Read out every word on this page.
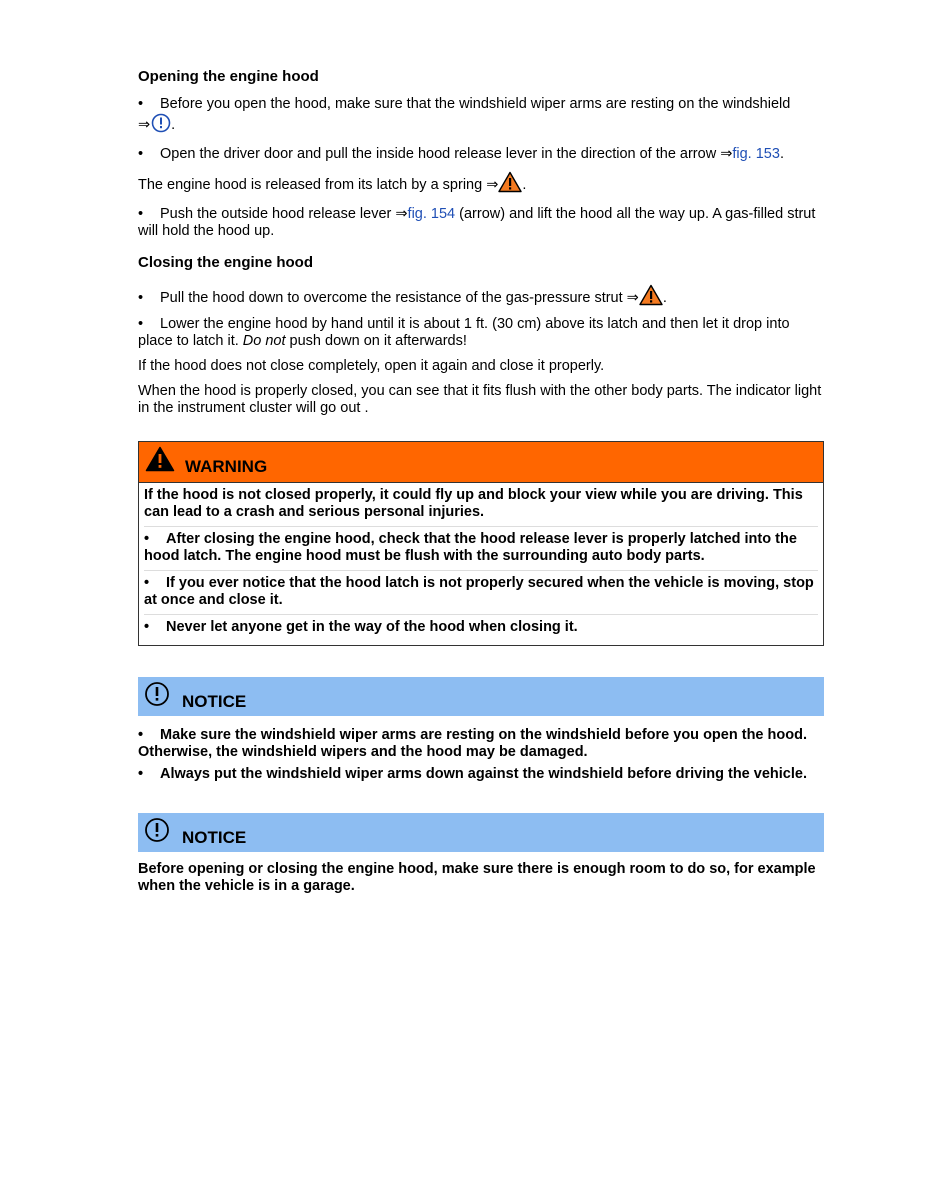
Opening the engine hood

• Before you open the hood, make sure that the windshield wiper arms are resting on the windshield
⇒ .

• Open the driver door and pull the inside hood release lever in the direction of the arrow ⇒fig. 153.

The engine hood is released from its latch by a spring ⇒ .

• Push the outside hood release lever ⇒fig. 154 (arrow) and lift the hood all the way up. A gas-filled strut will hold the hood up.

Closing the engine hood

• Pull the hood down to overcome the resistance of the gas-pressure strut ⇒ .

• Lower the engine hood by hand until it is about 1 ft. (30 cm) above its latch and then let it drop into place to latch it. Do not push down on it afterwards!

If the hood does not close completely, open it again and close it properly.

When the hood is properly closed, you can see that it fits flush with the other body parts. The indicator light in the instrument cluster will go out .

WARNING

If the hood is not closed properly, it could fly up and block your view while you are driving. This can lead to a crash and serious personal injuries.

• After closing the engine hood, check that the hood release lever is properly latched into the hood latch. The engine hood must be flush with the surrounding auto body parts.

• If you ever notice that the hood latch is not properly secured when the vehicle is moving, stop at once and close it.

• Never let anyone get in the way of the hood when closing it.

NOTICE

• Make sure the windshield wiper arms are resting on the windshield before you open the hood. Otherwise, the windshield wipers and the hood may be damaged.

• Always put the windshield wiper arms down against the windshield before driving the vehicle.

NOTICE

Before opening or closing the engine hood, make sure there is enough room to do so, for example when the vehicle is in a garage.
